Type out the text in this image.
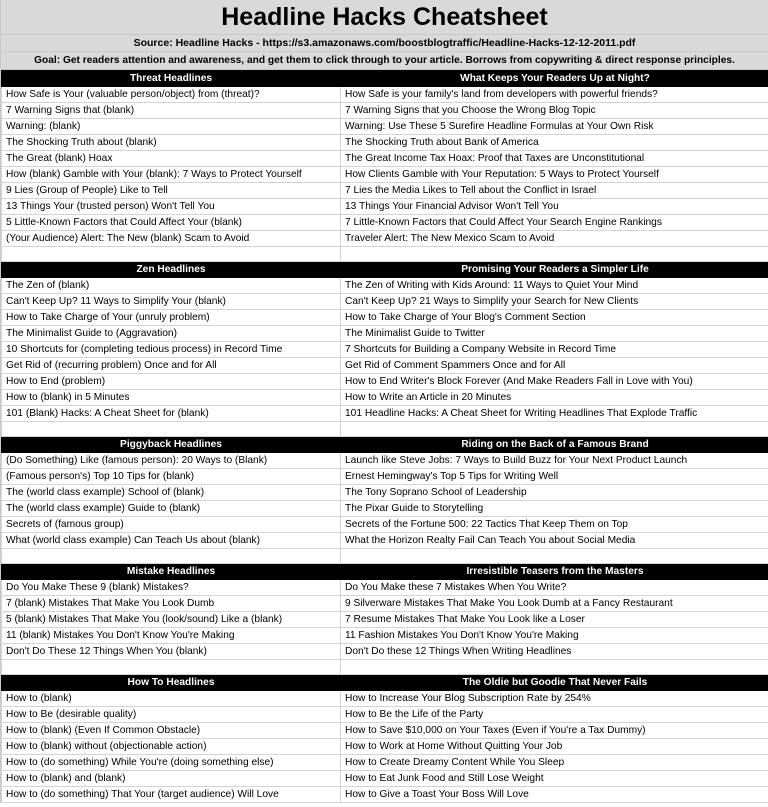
Headline Hacks Cheatsheet
Source: Headline Hacks - https://s3.amazonaws.com/boostblogtraffic/Headline-Hacks-12-12-2011.pdf
Goal: Get readers attention and awareness, and get them to click through to your article. Borrows from copywriting & direct response principles.
Threat Headlines	What Keeps Your Readers Up at Night?
How Safe is Your (valuable person/object) from (threat)?	How Safe is your family's land from developers with powerful friends?
7 Warning Signs that (blank)	7 Warning Signs that you Choose the Wrong Blog Topic
Warning: (blank)	Warning: Use These 5 Surefire Headline Formulas at Your Own Risk
The Shocking Truth about (blank)	The Shocking Truth about Bank of America
The Great (blank) Hoax	The Great Income Tax Hoax: Proof that Taxes are Unconstitutional
How (blank) Gamble with Your (blank): 7 Ways to Protect Yourself	How Clients Gamble with Your Reputation: 5 Ways to Protect Yourself
9 Lies (Group of People) Like to Tell	7 Lies the Media Likes to Tell about the Conflict in Israel
13 Things Your (trusted person) Won't Tell You	13 Things Your Financial Advisor Won't Tell You
5 Little-Known Factors that Could Affect Your (blank)	7 Little-Known Factors that Could Affect Your Search Engine Rankings
(Your Audience) Alert: The New (blank) Scam to Avoid	Traveler Alert: The New Mexico Scam to Avoid

Zen Headlines	Promising Your Readers a Simpler Life
The Zen of (blank)	The Zen of Writing with Kids Around: 11 Ways to Quiet Your Mind
Can't Keep Up? 11 Ways to Simplify Your (blank)	Can't Keep Up? 21 Ways to Simplify your Search for New Clients
How to Take Charge of Your (unruly problem)	How to Take Charge of Your Blog's Comment Section
The Minimalist Guide to (Aggravation)	The Minimalist Guide to Twitter
10 Shortcuts for (completing tedious process) in Record Time	7 Shortcuts for Building a Company Website in Record Time
Get Rid of (recurring problem) Once and for All	Get Rid of Comment Spammers Once and for All
How to End (problem)	How to End Writer's Block Forever (And Make Readers Fall in Love with You)
How to (blank) in 5 Minutes	How to Write an Article in 20 Minutes
101 (Blank) Hacks: A Cheat Sheet for (blank)	101 Headline Hacks: A Cheat Sheet for Writing Headlines That Explode Traffic

Piggyback Headlines	Riding on the Back of a Famous Brand
(Do Something) Like (famous person): 20 Ways to (Blank)	Launch like Steve Jobs: 7 Ways to Build Buzz for Your Next Product Launch
(Famous person's) Top 10 Tips for (blank)	Ernest Hemingway's Top 5 Tips for Writing Well
The (world class example) School of (blank)	The Tony Soprano School of Leadership
The (world class example) Guide to (blank)	The Pixar Guide to Storytelling
Secrets of (famous group)	Secrets of the Fortune 500: 22 Tactics That Keep Them on Top
What (world class example) Can Teach Us about (blank)	What the Horizon Realty Fail Can Teach You about Social Media

Mistake Headlines	Irresistible Teasers from the Masters
Do You Make These 9 (blank) Mistakes?	Do You Make these 7 Mistakes When You Write?
7 (blank) Mistakes That Make You Look Dumb	9 Silverware Mistakes That Make You Look Dumb at a Fancy Restaurant
5 (blank) Mistakes That Make You (look/sound) Like a (blank)	7 Resume Mistakes That Make You Look like a Loser
11 (blank) Mistakes You Don't Know You're Making	11 Fashion Mistakes You Don't Know You're Making
Don't Do These 12 Things When You (blank)	Don't Do these 12 Things When Writing Headlines

How To Headlines	The Oldie but Goodie That Never Fails
How to (blank)	How to Increase Your Blog Subscription Rate by 254%
How to Be (desirable quality)	How to Be the Life of the Party
How to (blank) (Even If Common Obstacle)	How to Save $10,000 on Your Taxes (Even if You're a Tax Dummy)
How to (blank) without (objectionable action)	How to Work at Home Without Quitting Your Job
How to (do something) While You're (doing something else)	How to Create Dreamy Content While You Sleep
How to (blank) and (blank)	How to Eat Junk Food and Still Lose Weight
How to (do something) That Your (target audience) Will Love	How to Give a Toast Your Boss Will Love
